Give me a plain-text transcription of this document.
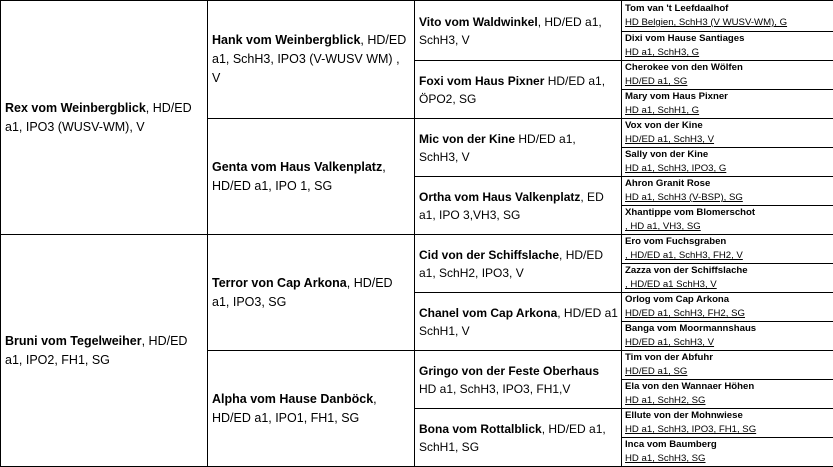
Rex vom Weinbergblick, HD/ED a1, IPO3 (WUSV-WM), V	Hank vom Weinbergblick, HD/ED a1, SchH3, IPO3 (V-WUSV WM) , V	Vito vom Waldwinkel, HD/ED a1, SchH3, V	Tom van 't Leefdaalhof
HD Belgien, SchH3 (V WUSV-WM), G

			Dixi vom Hause Santiages
HD a1, SchH3, G

		Foxi vom Haus Pixner HD/ED a1, ÖPO2, SG	Cherokee von den Wölfen
HD/ED a1, SG

			Mary vom Haus Pixner
HD a1, SchH1, G

	Genta vom Haus Valkenplatz, HD/ED a1, IPO 1, SG	Mic von der Kine HD/ED a1, SchH3, V	Vox von der Kine
HD/ED a1, SchH3, V

			Sally von der Kine
HD a1, SchH3, IPO3, G

		Ortha vom Haus Valkenplatz, ED a1, IPO 3,VH3, SG	Ahron Granit Rose
HD a1, SchH3 (V-BSP), SG

			Xhantippe vom Blomerschot
, HD a1, VH3, SG

Bruni vom Tegelweiher, HD/ED a1, IPO2, FH1, SG	Terror von Cap Arkona, HD/ED a1, IPO3, SG	Cid von der Schiffslache, HD/ED a1, SchH2, IPO3, V	Ero vom Fuchsgraben
, HD/ED a1, SchH3, FH2, V

			Zazza von der Schiffslache
, HD/ED a1 SchH3, V

		Chanel vom Cap Arkona, HD/ED a1 SchH1, V	Orlog vom Cap Arkona
HD/ED a1, SchH3, FH2, SG

			Banga vom Moormannshaus
HD/ED a1, SchH3, V

	Alpha vom Hause Danböck, HD/ED a1, IPO1, FH1, SG	Gringo von der Feste Oberhaus HD a1, SchH3, IPO3, FH1,V	Tim von der Abfuhr
HD/ED a1, SG

			Ela von den Wannaer Höhen
HD a1, SchH2, SG

		Bona vom Rottalblick, HD/ED a1, SchH1, SG	Ellute von der Mohnwiese
HD a1, SchH3, IPO3, FH1, SG

			Inca vom Baumberg
HD a1, SchH3, SG
